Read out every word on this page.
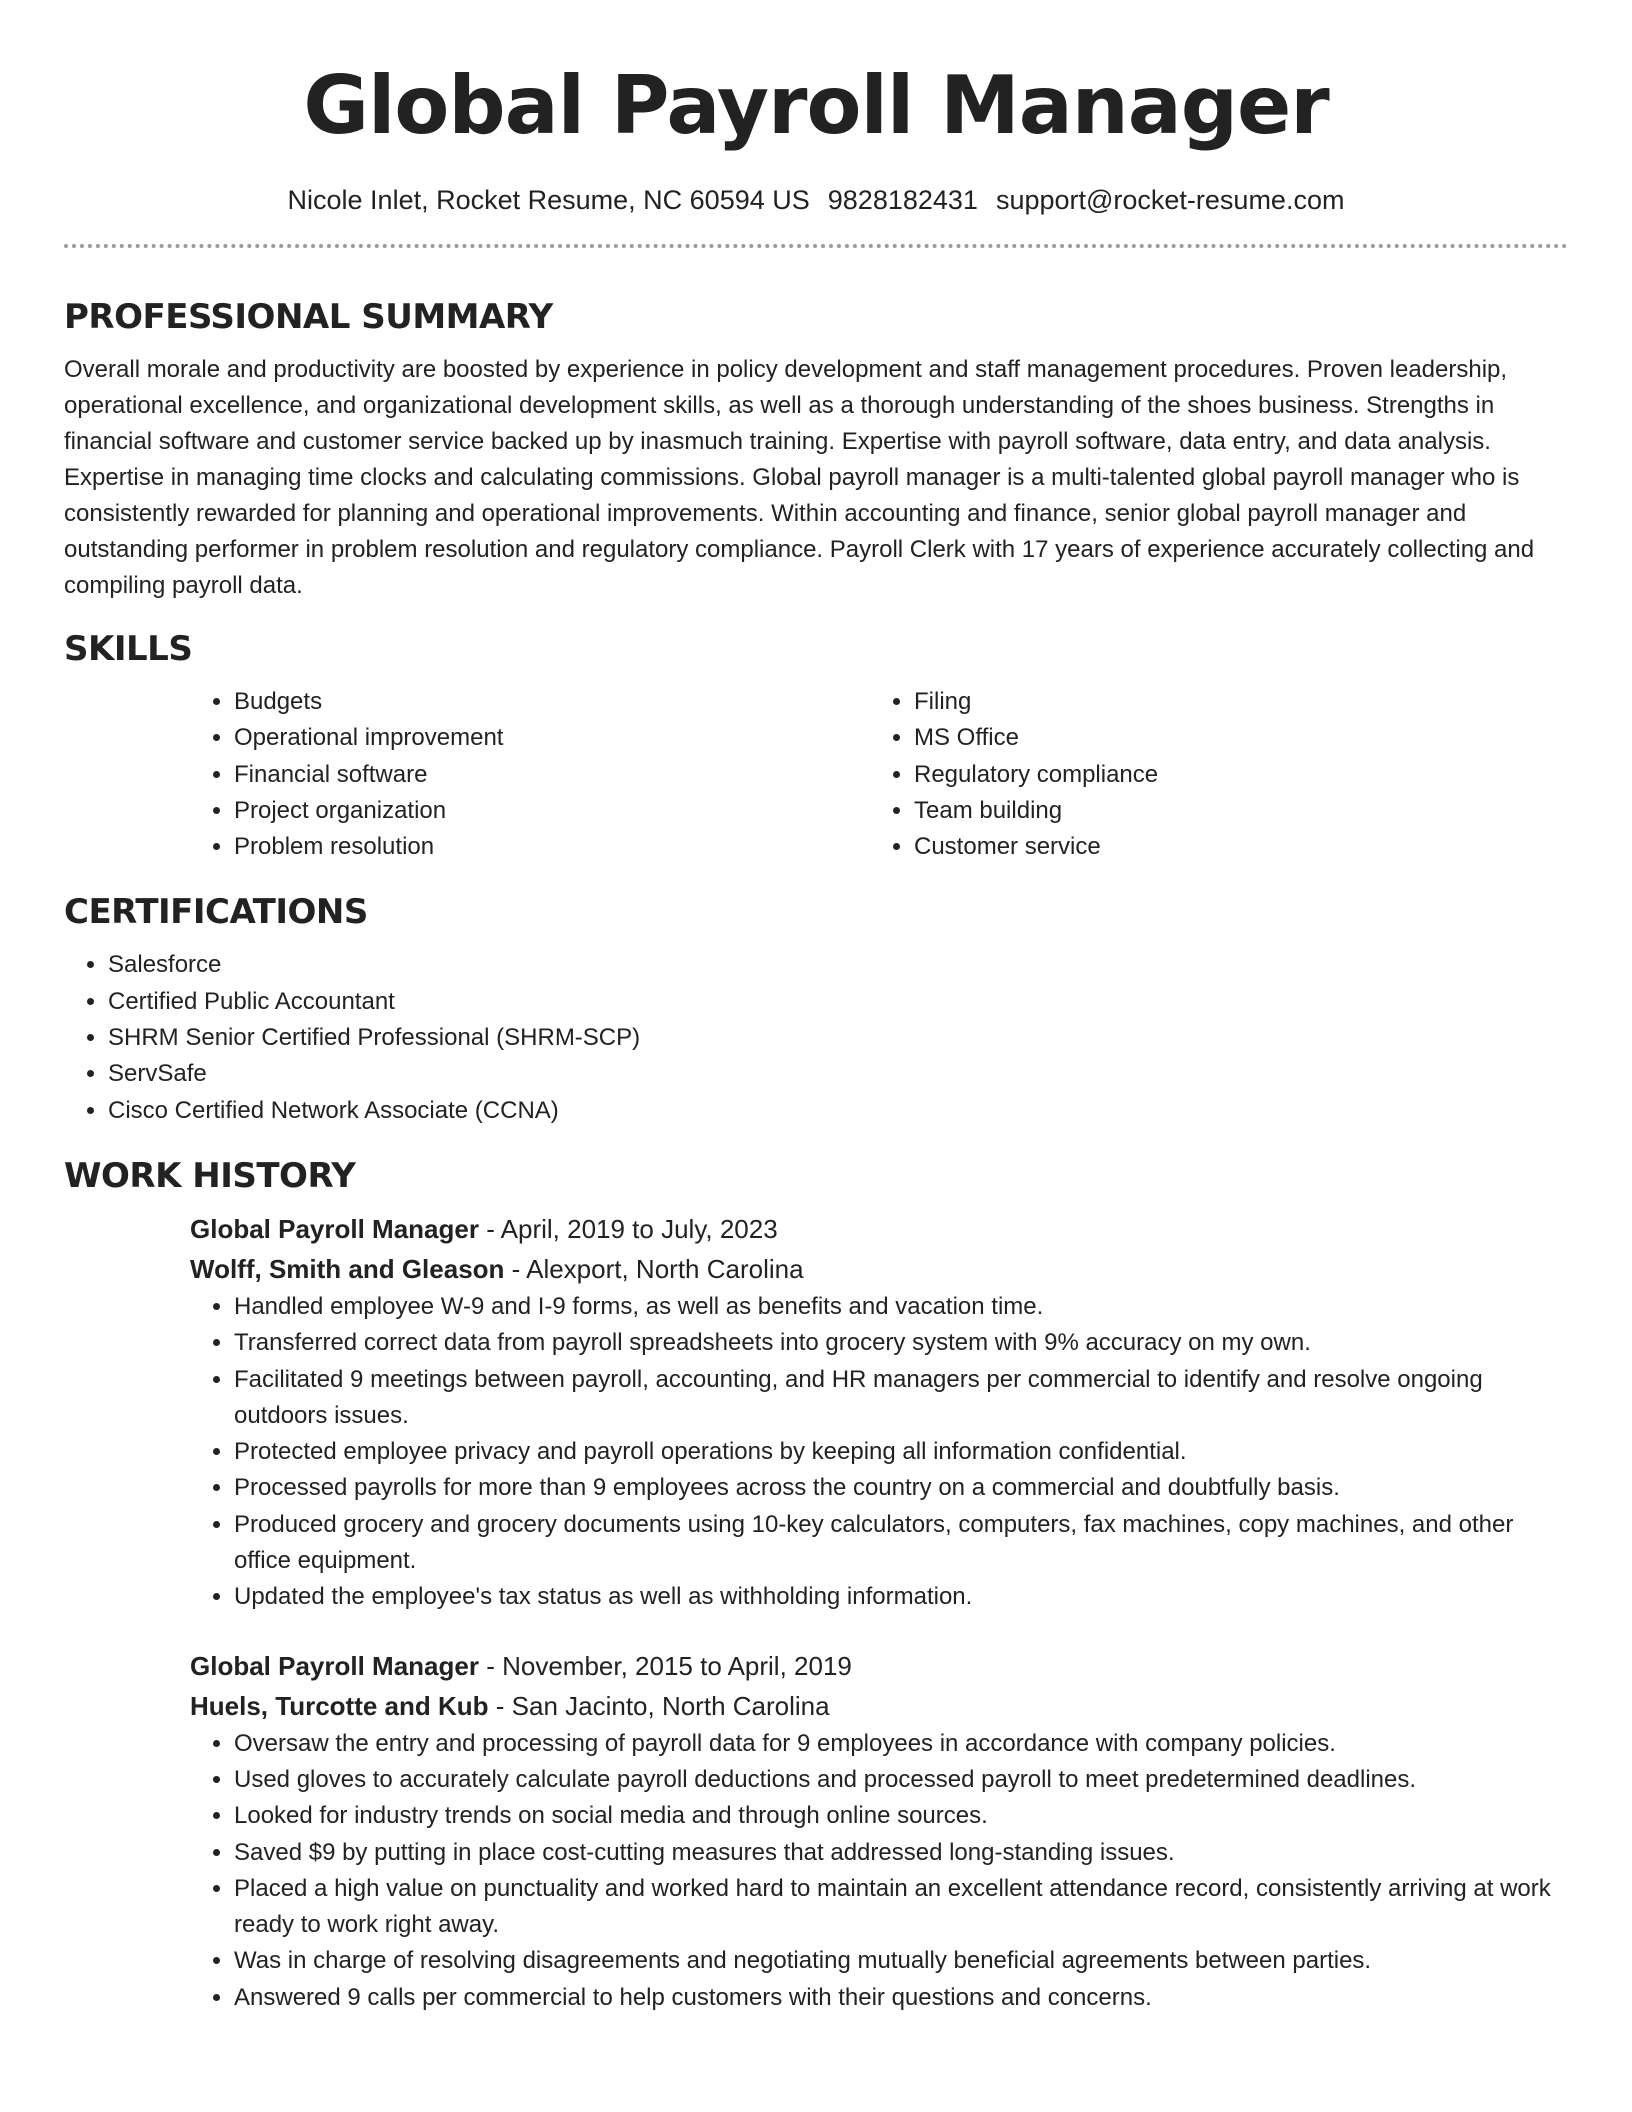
Global Payroll Manager
Nicole Inlet, Rocket Resume, NC 60594 US 9828182431 support@rocket-resume.com
PROFESSIONAL SUMMARY

Overall morale and productivity are boosted by experience in policy development and staff management procedures. Proven leadership, operational excellence, and organizational development skills, as well as a thorough understanding of the shoes business. Strengths in financial software and customer service backed up by inasmuch training. Expertise with payroll software, data entry, and data analysis. Expertise in managing time clocks and calculating commissions. Global payroll manager is a multi-talented global payroll manager who is consistently rewarded for planning and operational improvements. Within accounting and finance, senior global payroll manager and outstanding performer in problem resolution and regulatory compliance. Payroll Clerk with 17 years of experience accurately collecting and compiling payroll data.

SKILLS
• Budgets
• Operational improvement
• Financial software
• Project organization
• Problem resolution
• Filing
• MS Office
• Regulatory compliance
• Team building
• Customer service
CERTIFICATIONS
• Salesforce
• Certified Public Accountant
• SHRM Senior Certified Professional (SHRM-SCP)
• ServSafe
• Cisco Certified Network Associate (CCNA)
WORK HISTORY
Global Payroll Manager - April, 2019 to July, 2023
Wolff, Smith and Gleason - Alexport, North Carolina
• Handled employee W-9 and I-9 forms, as well as benefits and vacation time.
• Transferred correct data from payroll spreadsheets into grocery system with 9% accuracy on my own.
• Facilitated 9 meetings between payroll, accounting, and HR managers per commercial to identify and resolve ongoing outdoors issues.
• Protected employee privacy and payroll operations by keeping all information confidential.
• Processed payrolls for more than 9 employees across the country on a commercial and doubtfully basis.
• Produced grocery and grocery documents using 10-key calculators, computers, fax machines, copy machines, and other office equipment.
• Updated the employee's tax status as well as withholding information.
Global Payroll Manager - November, 2015 to April, 2019
Huels, Turcotte and Kub - San Jacinto, North Carolina
• Oversaw the entry and processing of payroll data for 9 employees in accordance with company policies.
• Used gloves to accurately calculate payroll deductions and processed payroll to meet predetermined deadlines.
• Looked for industry trends on social media and through online sources.
• Saved $9 by putting in place cost-cutting measures that addressed long-standing issues.
• Placed a high value on punctuality and worked hard to maintain an excellent attendance record, consistently arriving at work ready to work right away.
• Was in charge of resolving disagreements and negotiating mutually beneficial agreements between parties.
• Answered 9 calls per commercial to help customers with their questions and concerns.
